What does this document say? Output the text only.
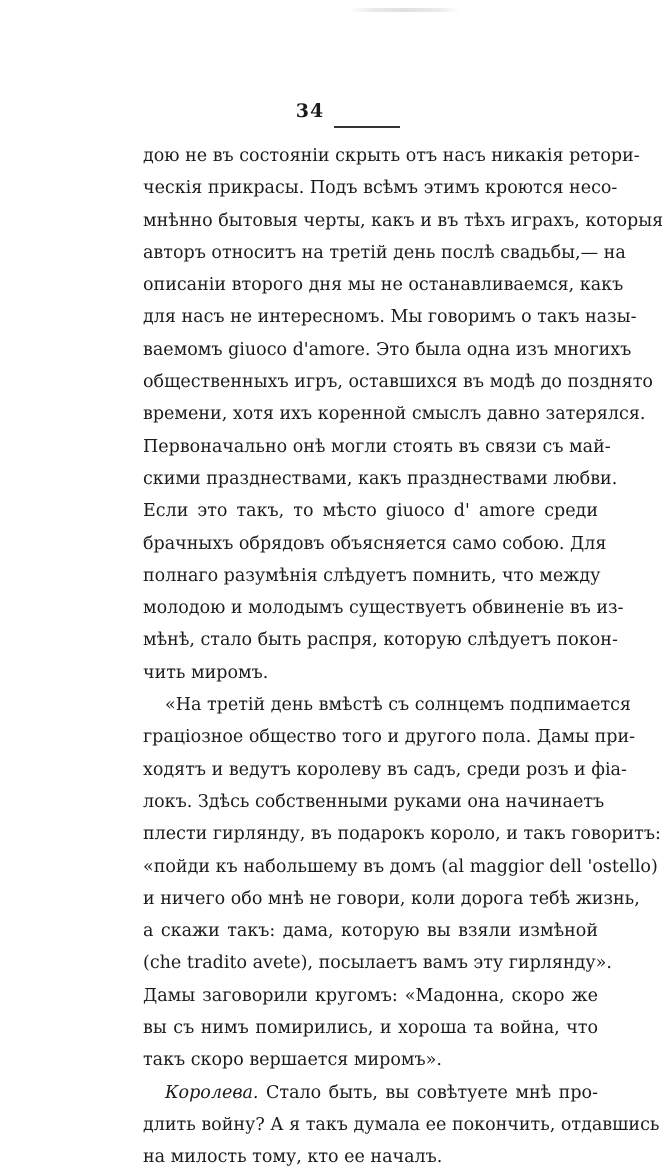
34
дою не въ состояніи скрыть отъ насъ никакія ретори-
ческія прикрасы. Подъ всѣмъ этимъ кроются несо-
мнѣнно бытовыя черты, какъ и въ тѣхъ играхъ, которыя
авторъ относитъ на третій день послѣ свадьбы,— на
описаніи второго дня мы не останавливаемся, какъ
для насъ не интересномъ. Мы говоримъ о такъ назы-
ваемомъ giuoco d'amore. Это была одна изъ многихъ
общественныхъ игръ, оставшихся въ модѣ до позднято
времени, хотя ихъ коренной смыслъ давно затерялся.
Первоначально онѣ могли стоять въ связи съ май-
скими празднествами, какъ празднествами любви.
Если это такъ, то мѣсто giuoco d' amore среди
брачныхъ обрядовъ объясняется само собою. Для
полнаго разумѣнія слѣдуетъ помнить, что между
молодою и молодымъ существуетъ обвиненіе въ из-
мѣнѣ, стало быть распря, которую слѣдуетъ покон-
чить миромъ.
«На третій день вмѣстѣ съ солнцемъ подпимается
граціозное общество того и другого пола. Дамы при-
ходятъ и ведутъ королеву въ садъ, среди розъ и фіа-
локъ. Здѣсь собственными руками она начинаетъ
плести гирлянду, въ подарокъ короло, и такъ говоритъ:
«пойди къ набольшему въ домъ (al maggior dell 'ostello)
и ничего обо мнѣ не говори, коли дорога тебѣ жизнь,
а скажи такъ: дама, которую вы взяли измѣной
(che tradito avete), посылаетъ вамъ эту гирлянду».
Дамы заговорили кругомъ: «Мадонна, скоро же
вы съ нимъ помирились, и хороша та война, что
такъ скоро вершается миромъ».
Королева. Стало быть, вы совѣтуете мнѣ про-
длить войну? А я такъ думала ее покончить, отдавшись
на милость тому, кто ее началъ.
